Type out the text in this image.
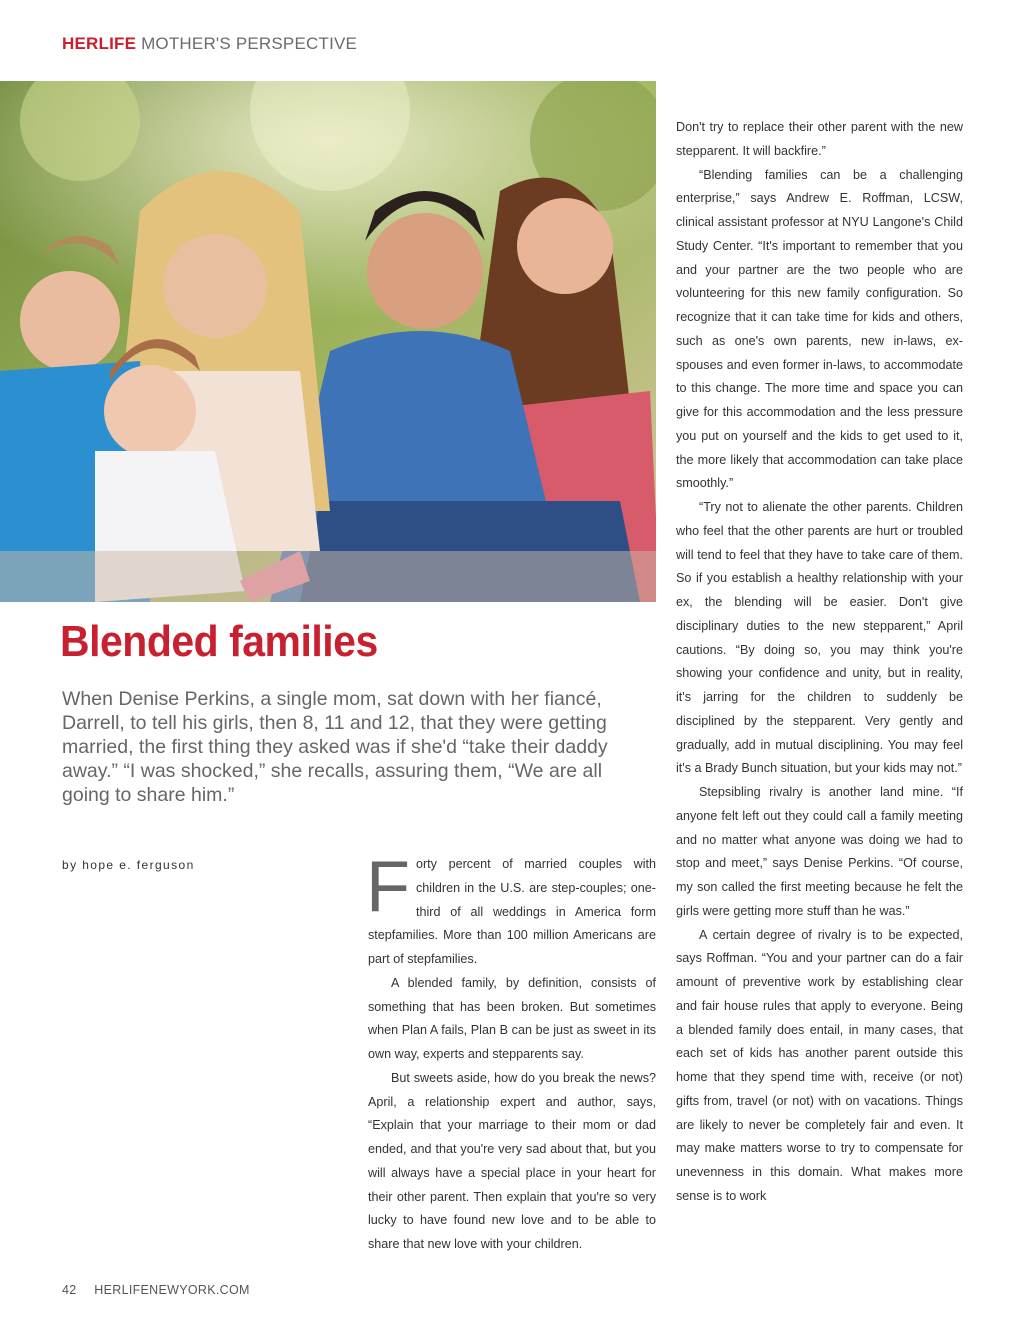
HERLIFE MOTHER'S PERSPECTIVE
Blended families

When Denise Perkins, a single mom, sat down with her fiancé, Darrell, to tell his girls, then 8, 11 and 12, that they were getting married, the first thing they asked was if she'd “take their daddy away.” “I was shocked,” she recalls, assuring them, “We are all going to share him.”

by hope e. ferguson Forty percent of married couples with children in the U.S. are step-couples; one-third of all weddings in America form stepfamilies. More than 100 million Americans are part of stepfamilies.

A blended family, by definition, consists of something that has been broken. But sometimes when Plan A fails, Plan B can be just as sweet in its own way, experts and stepparents say.

But sweets aside, how do you break the news? April, a relationship expert and author, says, “Explain that your marriage to their mom or dad ended, and that you're very sad about that, but you will always have a special place in your heart for their other parent. Then explain that you're so very lucky to have found new love and to be able to share that new love with your children.

Don't try to replace their other parent with the new stepparent. It will backfire.”

“Blending families can be a challenging enterprise,” says Andrew E. Roffman, LCSW, clinical assistant professor at NYU Langone's Child Study Center. “It's important to remember that you and your partner are the two people who are volunteering for this new family configuration. So recognize that it can take time for kids and others, such as one's own parents, new in-laws, ex-spouses and even former in-laws, to accommodate to this change. The more time and space you can give for this accommodation and the less pressure you put on yourself and the kids to get used to it, the more likely that accommodation can take place smoothly.”

“Try not to alienate the other parents. Children who feel that the other parents are hurt or troubled will tend to feel that they have to take care of them. So if you establish a healthy relationship with your ex, the blending will be easier. Don't give disciplinary duties to the new stepparent,” April cautions. “By doing so, you may think you're showing your confidence and unity, but in reality, it's jarring for the children to suddenly be disciplined by the stepparent. Very gently and gradually, add in mutual disciplining. You may feel it's a Brady Bunch situation, but your kids may not.”

Stepsibling rivalry is another land mine. “If anyone felt left out they could call a family meeting and no matter what anyone was doing we had to stop and meet,” says Denise Perkins. “Of course, my son called the first meeting because he felt the girls were getting more stuff than he was.”

A certain degree of rivalry is to be expected, says Roffman. “You and your partner can do a fair amount of preventive work by establishing clear and fair house rules that apply to everyone. Being a blended family does entail, in many cases, that each set of kids has another parent outside this home that they spend time with, receive (or not) gifts from, travel (or not) with on vacations. Things are likely to never be completely fair and even. It may make matters worse to try to compensate for unevenness in this domain. What makes more sense is to work

42 HERLIFENEWYORK.COM
